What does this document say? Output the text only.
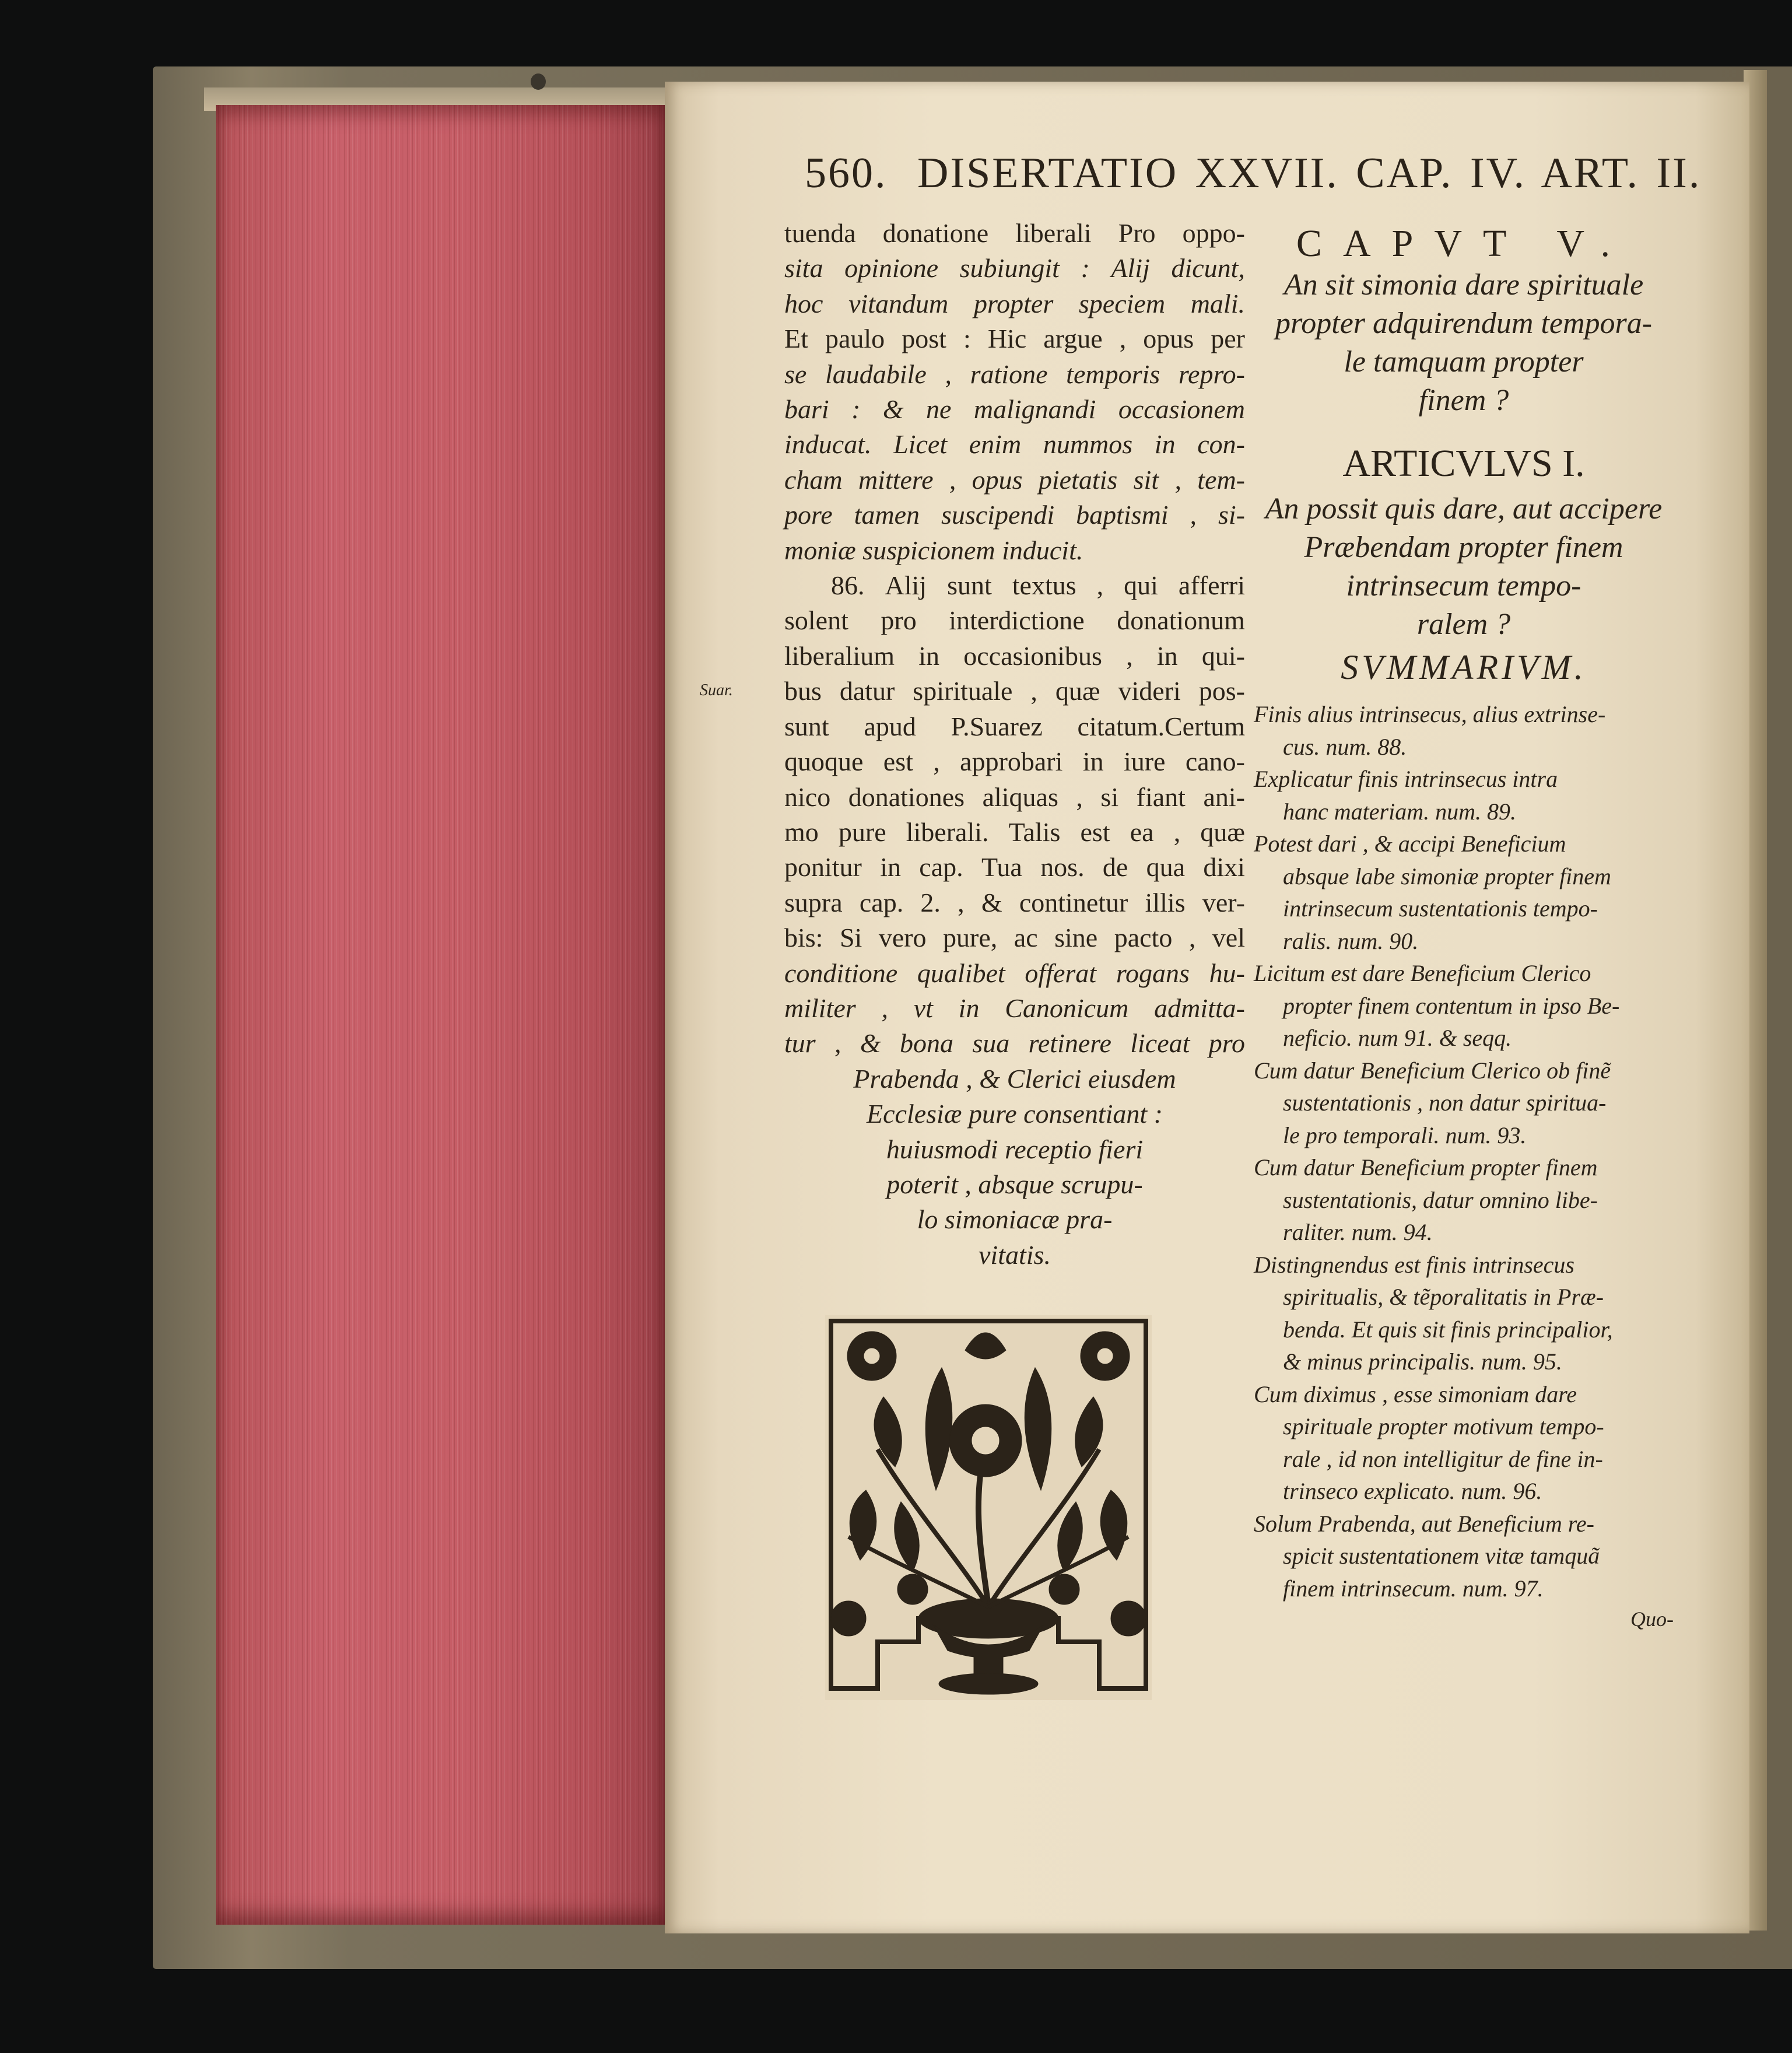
560. DISERTATIO XXVII. CAP. IV. ART. II.
Suar.
tuenda donatione liberali Pro oppo-
sita opinione subiungit : Alij dicunt,
hoc vitandum propter speciem mali.
Et paulo post : Hic argue , opus per
se laudabile , ratione temporis repro-
bari : & ne malignandi occasionem
inducat. Licet enim nummos in con-
cham mittere , opus pietatis sit , tem-
pore tamen suscipendi baptismi , si-
moniæ suspicionem inducit.
86. Alij sunt textus , qui afferri
solent pro interdictione donationum
liberalium in occasionibus , in qui-
bus datur spirituale , quæ videri pos-
sunt apud P.Suarez citatum.Certum
quoque est , approbari in iure cano-
nico donationes aliquas , si fiant ani-
mo pure liberali. Talis est ea , quæ
ponitur in cap. Tua nos. de qua dixi
supra cap. 2. , & continetur illis ver-
bis: Si vero pure, ac sine pacto , vel
conditione qualibet offerat rogans hu-
militer , vt in Canonicum admitta-
tur , & bona sua retinere liceat pro
Prabenda , & Clerici eiusdem
Ecclesiæ pure consentiant :
huiusmodi receptio fieri
poterit , absque scrupu-
lo simoniacæ pra-
vitatis.
CAPVT V.
An sit simonia dare spirituale
propter adquirendum tempora-
le tamquam propter
finem ?
ARTICVLVS I.
An possit quis dare, aut accipere
Præbendam propter finem
intrinsecum tempo-
ralem ?
SVMMARIVM.
Finis alius intrinsecus, alius extrinse-
cus. num. 88.
Explicatur finis intrinsecus intra
hanc materiam. num. 89.
Potest dari , & accipi Beneficium
absque labe simoniæ propter finem
intrinsecum sustentationis tempo-
ralis. num. 90.
Licitum est dare Beneficium Clerico
propter finem contentum in ipso Be-
neficio. num 91. & seqq.
Cum datur Beneficium Clerico ob finẽ
sustentationis , non datur spiritua-
le pro temporali. num. 93.
Cum datur Beneficium propter finem
sustentationis, datur omnino libe-
raliter. num. 94.
Distingnendus est finis intrinsecus
spiritualis, & tẽporalitatis in Præ-
benda. Et quis sit finis principalior,
& minus principalis. num. 95.
Cum diximus , esse simoniam dare
spirituale propter motivum tempo-
rale , id non intelligitur de fine in-
trinseco explicato. num. 96.
Solum Prabenda, aut Beneficium re-
spicit sustentationem vitæ tamquã
finem intrinsecum. num. 97.
Quo-
